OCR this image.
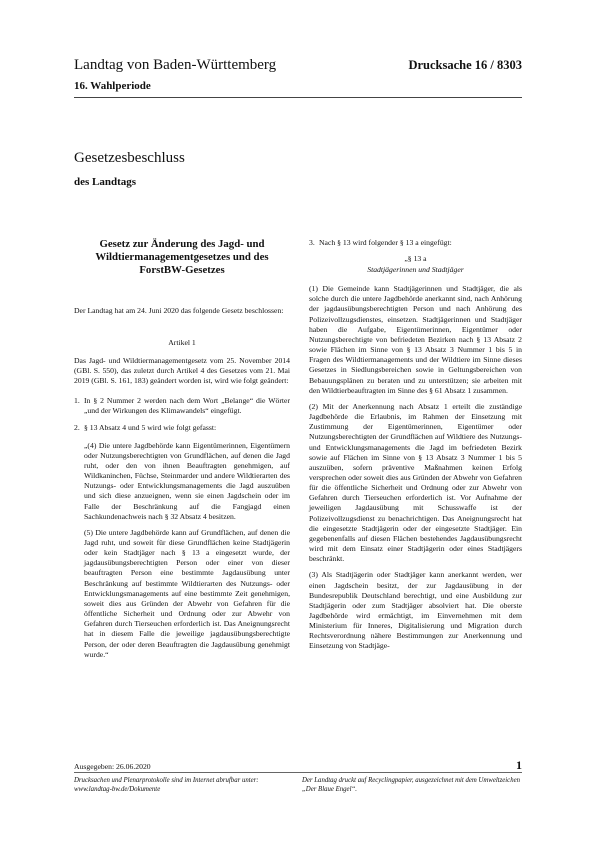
Landtag von Baden-Württemberg	Drucksache 16 / 8303
16. Wahlperiode
Gesetzesbeschluss
des Landtags
Gesetz zur Änderung des Jagd- und Wildtiermanagementgesetzes und des ForstBW-Gesetzes

Der Landtag hat am 24. Juni 2020 das folgende Gesetz beschlossen:

Artikel 1

Das Jagd- und Wildtiermanagementgesetz vom 25. November 2014 (GBl. S. 550), das zuletzt durch Artikel 4 des Gesetzes vom 21. Mai 2019 (GBl. S. 161, 183) geändert worden ist, wird wie folgt geändert:

1. In § 2 Nummer 2 werden nach dem Wort „Belange“ die Wörter „und der Wirkungen des Klimawandels“ eingefügt.

2. § 13 Absatz 4 und 5 wird wie folgt gefasst:

„(4) Die untere Jagdbehörde kann Eigentümerinnen, Eigentümern oder Nutzungsberechtigten von Grundflächen, auf denen die Jagd ruht, oder den von ihnen Beauftragten genehmigen, auf Wildkaninchen, Füchse, Steinmarder und andere Wildtierarten des Nutzungs- oder Entwicklungsmanagements die Jagd auszuüben und sich diese anzueignen, wenn sie einen Jagdschein oder im Falle der Beschränkung auf die Fangjagd einen Sachkundenachweis nach § 32 Absatz 4 besitzen.

(5) Die untere Jagdbehörde kann auf Grundflächen, auf denen die Jagd ruht, und soweit für diese Grundflächen keine Stadtjägerin oder kein Stadtjäger nach § 13 a eingesetzt wurde, der jagdausübungsberechtigten Person oder einer von dieser beauftragten Person eine bestimmte Jagdausübung unter Beschränkung auf bestimmte Wildtierarten des Nutzungs- oder Entwicklungsmanagements auf eine bestimmte Zeit genehmigen, soweit dies aus Gründen der Abwehr von Gefahren für die öffentliche Sicherheit und Ordnung oder zur Abwehr von Gefahren durch Tierseuchen erforderlich ist. Das Aneignungsrecht hat in diesem Falle die jeweilige jagdausübungsberechtigte Person, der oder deren Beauftragten die Jagdausübung genehmigt wurde.“

3. Nach § 13 wird folgender § 13 a eingefügt:

„§ 13 a
Stadtjägerinnen und Stadtjäger

(1) Die Gemeinde kann Stadtjägerinnen und Stadtjäger, die als solche durch die untere Jagdbehörde anerkannt sind, nach Anhörung der jagdausübungsberechtigten Person und nach Anhörung des Polizeivollzugsdienstes, einsetzen. Stadtjägerinnen und Stadtjäger haben die Aufgabe, Eigentümerinnen, Eigentümer oder Nutzungsberechtigte von befriedeten Bezirken nach § 13 Absatz 2 sowie Flächen im Sinne von § 13 Absatz 3 Nummer 1 bis 5 in Fragen des Wildtiermanagements und der Wildtiere im Sinne dieses Gesetzes in Siedlungsbereichen sowie in Geltungsbereichen von Bebauungsplänen zu beraten und zu unterstützen; sie arbeiten mit den Wildtierbeauftragten im Sinne des § 61 Absatz 1 zusammen.

(2) Mit der Anerkennung nach Absatz 1 erteilt die zuständige Jagdbehörde die Erlaubnis, im Rahmen der Einsetzung mit Zustimmung der Eigentümerinnen, Eigentümer oder Nutzungsberechtigten der Grundflächen auf Wildtiere des Nutzungs- und Entwicklungsmanagements die Jagd im befriedeten Bezirk sowie auf Flächen im Sinne von § 13 Absatz 3 Nummer 1 bis 5 auszuüben, sofern präventive Maßnahmen keinen Erfolg versprechen oder soweit dies aus Gründen der Abwehr von Gefahren für die öffentliche Sicherheit und Ordnung oder zur Abwehr von Gefahren durch Tierseuchen erforderlich ist. Vor Aufnahme der jeweiligen Jagdausübung mit Schusswaffe ist der Polizeivollzugsdienst zu benachrichtigen. Das Aneignungsrecht hat die eingesetzte Stadtjägerin oder der eingesetzte Stadtjäger. Ein gegebenenfalls auf diesen Flächen bestehendes Jagdausübungsrecht wird mit dem Einsatz einer Stadtjägerin oder eines Stadtjägers beschränkt.

(3) Als Stadtjägerin oder Stadtjäger kann anerkannt werden, wer einen Jagdschein besitzt, der zur Jagdausübung in der Bundesrepublik Deutschland berechtigt, und eine Ausbildung zur Stadtjägerin oder zum Stadtjäger absolviert hat. Die oberste Jagdbehörde wird ermächtigt, im Einvernehmen mit dem Ministerium für Inneres, Digitalisierung und Migration durch Rechtsverordnung nähere Bestimmungen zur Anerkennung und Einsetzung von Stadtjäge-

Ausgegeben: 26.06.2020	1
Drucksachen und Plenarprotokolle sind im Internet abrufbar unter: www.landtag-bw.de/Dokumente
Der Landtag druckt auf Recyclingpapier, ausgezeichnet mit dem Umweltzeichen „Der Blaue Engel“.
